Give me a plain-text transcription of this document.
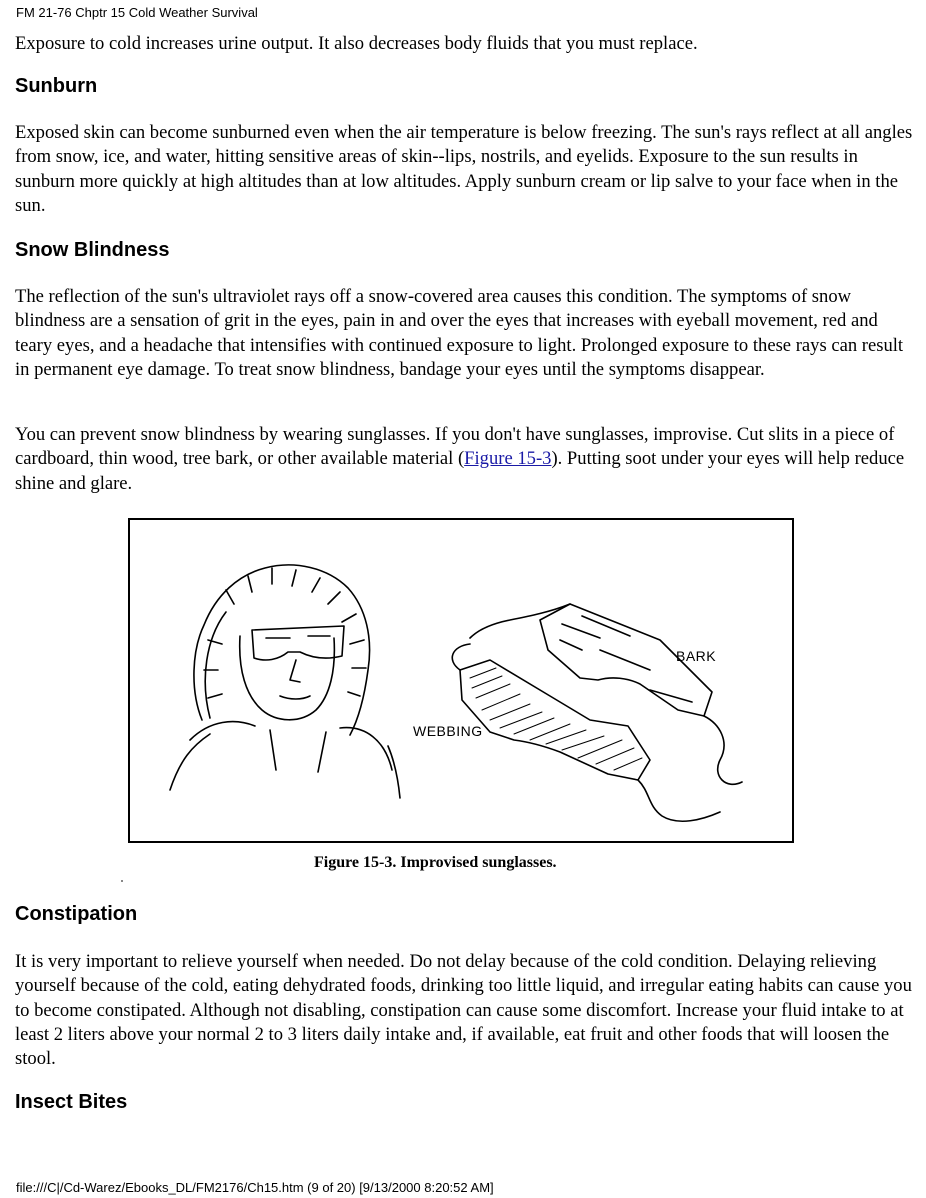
FM 21-76 Chptr 15 Cold Weather Survival

Exposure to cold increases urine output. It also decreases body fluids that you must replace.

Sunburn

Exposed skin can become sunburned even when the air temperature is below freezing. The sun's rays reflect at all angles from snow, ice, and water, hitting sensitive areas of skin--lips, nostrils, and eyelids. Exposure to the sun results in sunburn more quickly at high altitudes than at low altitudes. Apply sunburn cream or lip salve to your face when in the sun.

Snow Blindness

The reflection of the sun's ultraviolet rays off a snow-covered area causes this condition. The symptoms of snow blindness are a sensation of grit in the eyes, pain in and over the eyes that increases with eyeball movement, red and teary eyes, and a headache that intensifies with continued exposure to light. Prolonged exposure to these rays can result in permanent eye damage. To treat snow blindness, bandage your eyes until the symptoms disappear.

You can prevent snow blindness by wearing sunglasses. If you don't have sunglasses, improvise. Cut slits in a piece of cardboard, thin wood, tree bark, or other available material (Figure 15-3). Putting soot under your eyes will help reduce shine and glare.

BARK
WEBBING
Figure 15-3. Improvised sunglasses.
Constipation

It is very important to relieve yourself when needed. Do not delay because of the cold condition. Delaying relieving yourself because of the cold, eating dehydrated foods, drinking too little liquid, and irregular eating habits can cause you to become constipated. Although not disabling, constipation can cause some discomfort. Increase your fluid intake to at least 2 liters above your normal 2 to 3 liters daily intake and, if available, eat fruit and other foods that will loosen the stool.

Insect Bites
file:///C|/Cd-Warez/Ebooks_DL/FM2176/Ch15.htm (9 of 20) [9/13/2000 8:20:52 AM]
